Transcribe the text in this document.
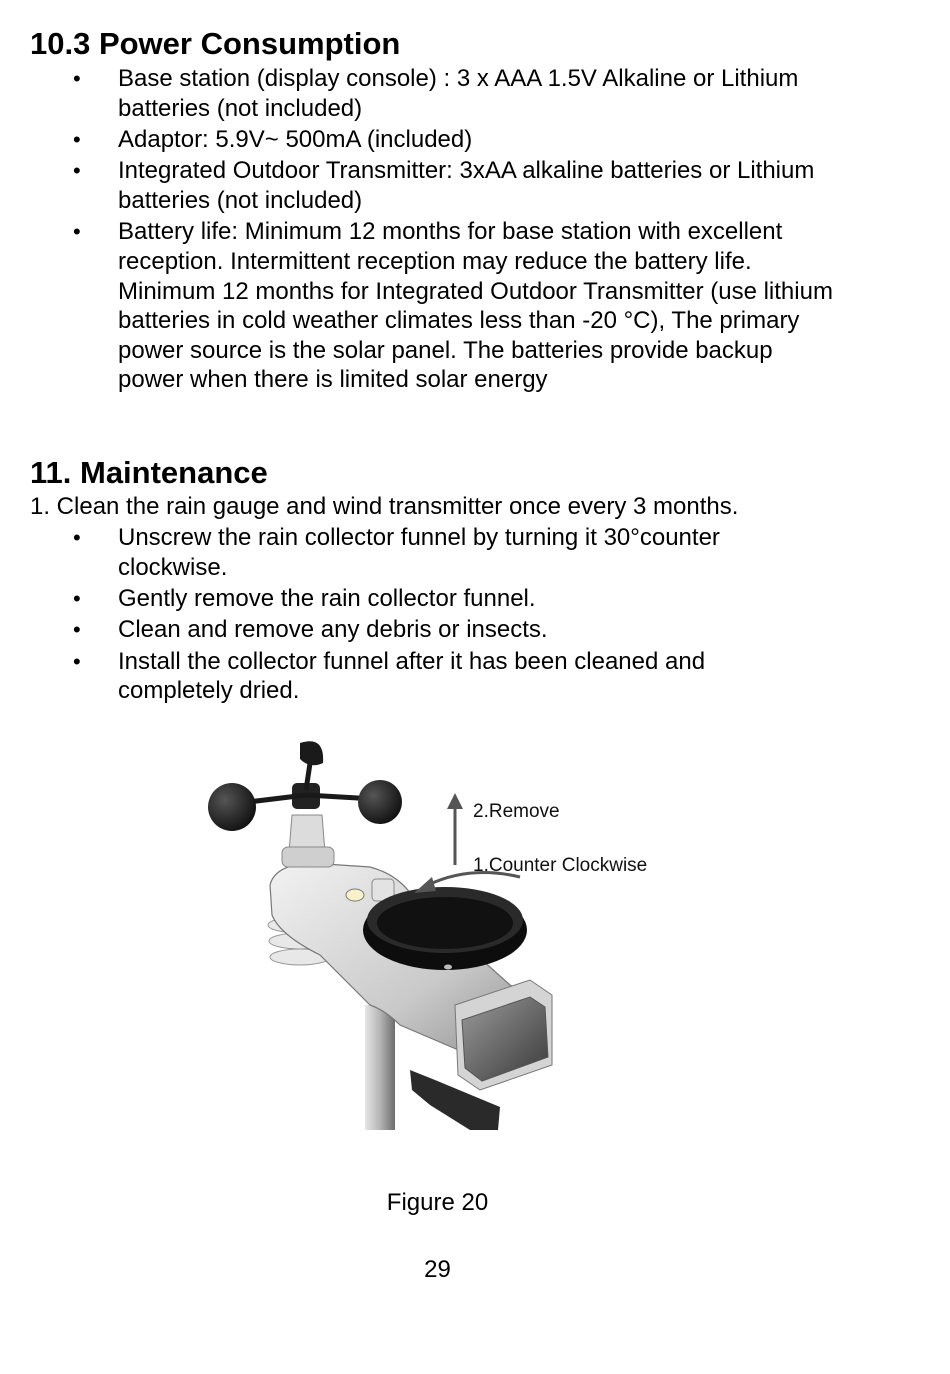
10.3 Power Consumption
• Base station (display console) : 3 x AAA 1.5V Alkaline or Lithium batteries (not included)
• Adaptor: 5.9V~ 500mA (included)
• Integrated Outdoor Transmitter: 3xAA alkaline batteries or Lithium batteries (not included)
• Battery life: Minimum 12 months for base station with excellent reception. Intermittent reception may reduce the battery life. Minimum 12 months for Integrated Outdoor Transmitter (use lithium batteries in cold weather climates less than -20 °C), The primary power source is the solar panel. The batteries provide backup power when there is limited solar energy
11. Maintenance

1. Clean the rain gauge and wind transmitter once every 3 months.

• Unscrew the rain collector funnel by turning it 30°counter clockwise.
• Gently remove the rain collector funnel.
• Clean and remove any debris or insects.
• Install the collector funnel after it has been cleaned and completely dried.
2.Remove
1.Counter Clockwise
Figure 20
29
